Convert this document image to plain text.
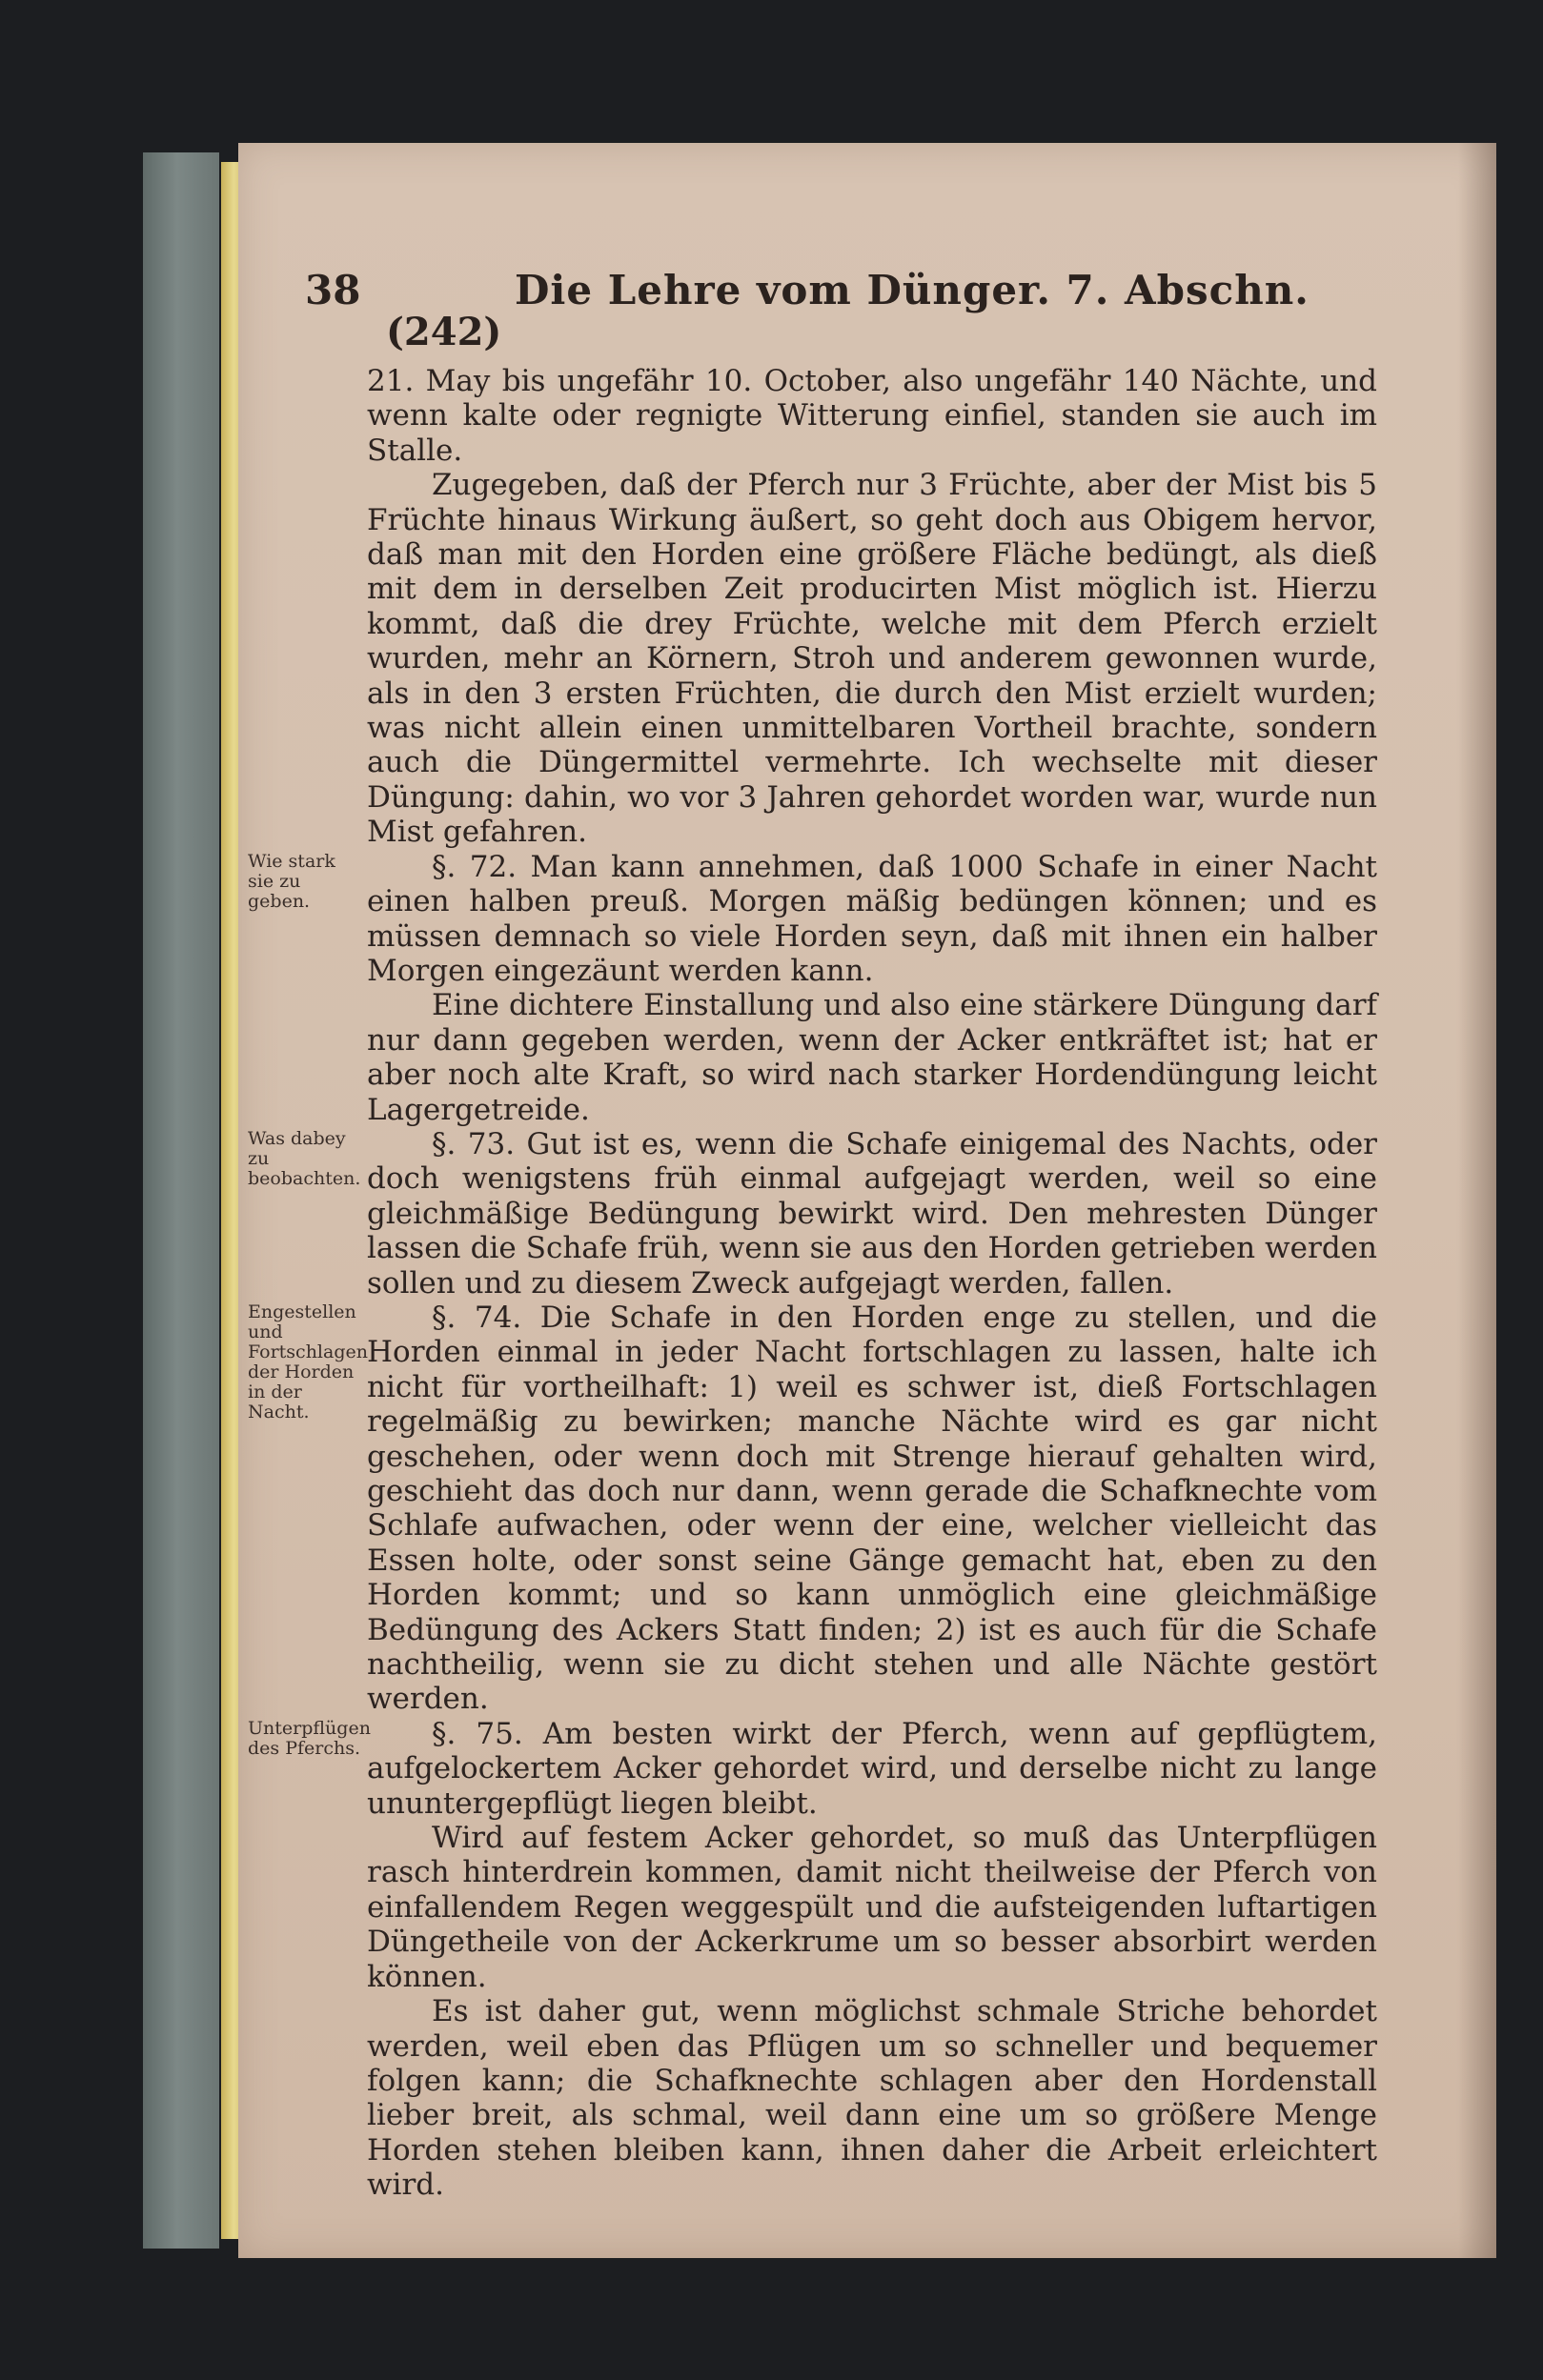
38	Die Lehre vom Dünger. 7. Abschn.
(242)

21. May bis ungefähr 10. October, also ungefähr 140 Nächte, und wenn kalte oder regnigte Witterung einfiel, standen sie auch im Stalle.

Zugegeben, daß der Pferch nur 3 Früchte, aber der Mist bis 5 Früchte hinaus Wirkung äußert, so geht doch aus Obigem hervor, daß man mit den Horden eine größere Fläche bedüngt, als dieß mit dem in derselben Zeit producirten Mist möglich ist. Hierzu kommt, daß die drey Früchte, welche mit dem Pferch erzielt wurden, mehr an Körnern, Stroh und anderem gewonnen wurde, als in den 3 ersten Früchten, die durch den Mist erzielt wurden; was nicht allein einen unmittelbaren Vortheil brachte, sondern auch die Düngermittel vermehrte. Ich wechselte mit dieser Düngung: dahin, wo vor 3 Jahren gehordet worden war, wurde nun Mist gefahren.

Wie stark sie zu geben.

§. 72. Man kann annehmen, daß 1000 Schafe in einer Nacht einen halben preuß. Morgen mäßig bedüngen können; und es müssen demnach so viele Horden seyn, daß mit ihnen ein halber Morgen eingezäunt werden kann.

Eine dichtere Einstallung und also eine stärkere Düngung darf nur dann gegeben werden, wenn der Acker entkräftet ist; hat er aber noch alte Kraft, so wird nach starker Hordendüngung leicht Lagergetreide.

Was dabey zu beobachten.

§. 73. Gut ist es, wenn die Schafe einigemal des Nachts, oder doch wenigstens früh einmal aufgejagt werden, weil so eine gleichmäßige Bedüngung bewirkt wird. Den mehresten Dünger lassen die Schafe früh, wenn sie aus den Horden getrieben werden sollen und zu diesem Zweck aufgejagt werden, fallen.

Engestellen und Fortschlagen der Horden in der Nacht.

§. 74. Die Schafe in den Horden enge zu stellen, und die Horden einmal in jeder Nacht fortschlagen zu lassen, halte ich nicht für vortheilhaft: 1) weil es schwer ist, dieß Fortschlagen regelmäßig zu bewirken; manche Nächte wird es gar nicht geschehen, oder wenn doch mit Strenge hierauf gehalten wird, geschieht das doch nur dann, wenn gerade die Schafknechte vom Schlafe aufwachen, oder wenn der eine, welcher vielleicht das Essen holte, oder sonst seine Gänge gemacht hat, eben zu den Horden kommt; und so kann unmöglich eine gleichmäßige Bedüngung des Ackers Statt finden; 2) ist es auch für die Schafe nachtheilig, wenn sie zu dicht stehen und alle Nächte gestört werden.

Unterpflügen des Pferchs.	§. 75. Am besten wirkt der Pferch, wenn auf gepflügtem, aufgelockertem Acker gehordet wird, und derselbe nicht zu lange ununtergepflügt liegen bleibt.

Wird auf festem Acker gehordet, so muß das Unterpflügen rasch hinterdrein kommen, damit nicht theilweise der Pferch von einfallendem Regen weggespült und die aufsteigenden luftartigen Düngetheile von der Ackerkrume um so besser absorbirt werden können.

Es ist daher gut, wenn möglichst schmale Striche behordet werden, weil eben das Pflügen um so schneller und bequemer folgen kann; die Schafknechte schlagen aber den Hordenstall lieber breit, als schmal, weil dann eine um so größere Menge Horden stehen bleiben kann, ihnen daher die Arbeit erleichtert wird.
